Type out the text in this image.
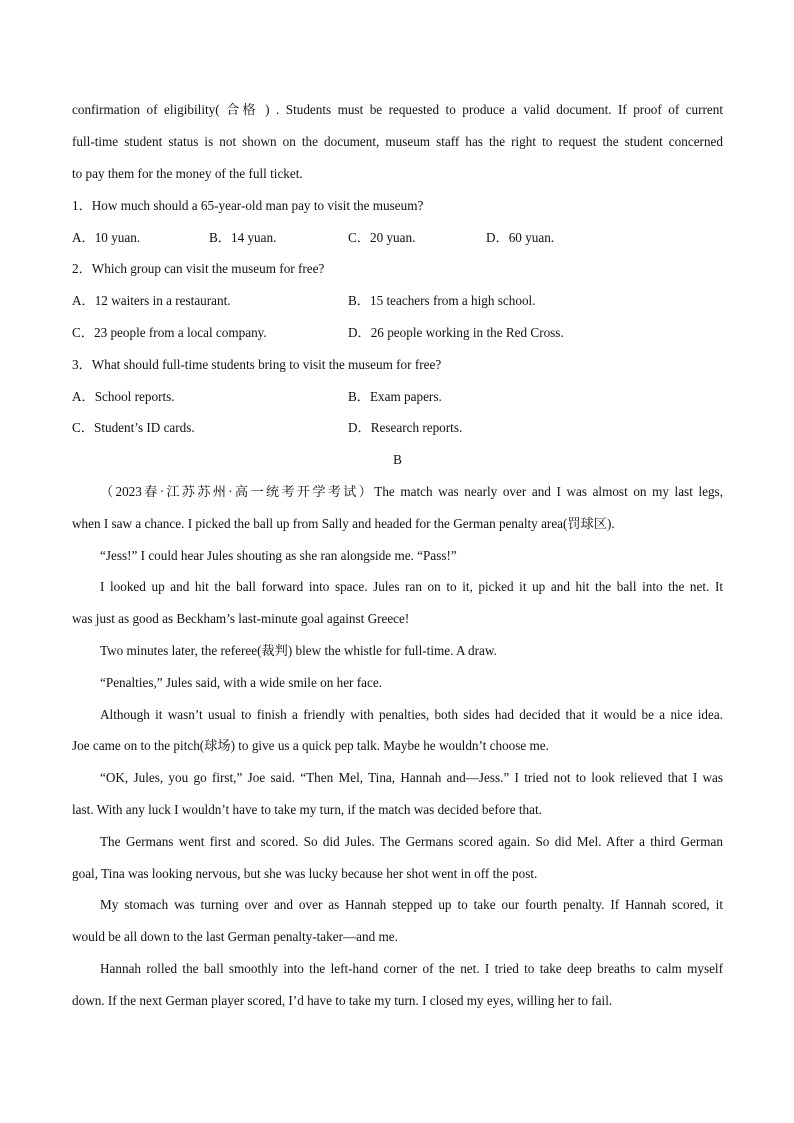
confirmation of eligibility( 合格 ) . Students must be requested to produce a valid document. If proof of current
full-time student status is not shown on the document, museum staff has the right to request the student concerned
to pay them for the money of the full ticket.
1．How much should a 65-year-old man pay to visit the museum?
A．10 yuan.	B．14 yuan.	C．20 yuan.	D．60 yuan.
2．Which group can visit the museum for free?
A．12 waiters in a restaurant.	B．15 teachers from a high school.
C．23 people from a local company.	D．26 people working in the Red Cross.
3．What should full-time students bring to visit the museum for free?
A．School reports.	B．Exam papers.
C．Student’s ID cards.	D．Research reports.
B
（2023春·江苏苏州·高一统考开学考试）The match was nearly over and I was almost on my last legs,
when I saw a chance. I picked the ball up from Sally and headed for the German penalty area(罚球区).
“Jess!” I could hear Jules shouting as she ran alongside me. “Pass!”
I looked up and hit the ball forward into space. Jules ran on to it, picked it up and hit the ball into the net. It
was just as good as Beckham’s last-minute goal against Greece!
Two minutes later, the referee(裁判) blew the whistle for full-time. A draw.
“Penalties,” Jules said, with a wide smile on her face.
Although it wasn’t usual to finish a friendly with penalties, both sides had decided that it would be a nice idea.
Joe came on to the pitch(球场) to give us a quick pep talk. Maybe he wouldn’t choose me.
“OK, Jules, you go first,” Joe said. “Then Mel, Tina, Hannah and—Jess.” I tried not to look relieved that I was
last. With any luck I wouldn’t have to take my turn, if the match was decided before that.
The Germans went first and scored. So did Jules. The Germans scored again. So did Mel. After a third German
goal, Tina was looking nervous, but she was lucky because her shot went in off the post.
My stomach was turning over and over as Hannah stepped up to take our fourth penalty. If Hannah scored, it
would be all down to the last German penalty-taker—and me.
Hannah rolled the ball smoothly into the left-hand corner of the net. I tried to take deep breaths to calm myself
down. If the next German player scored, I’d have to take my turn. I closed my eyes, willing her to fail.
